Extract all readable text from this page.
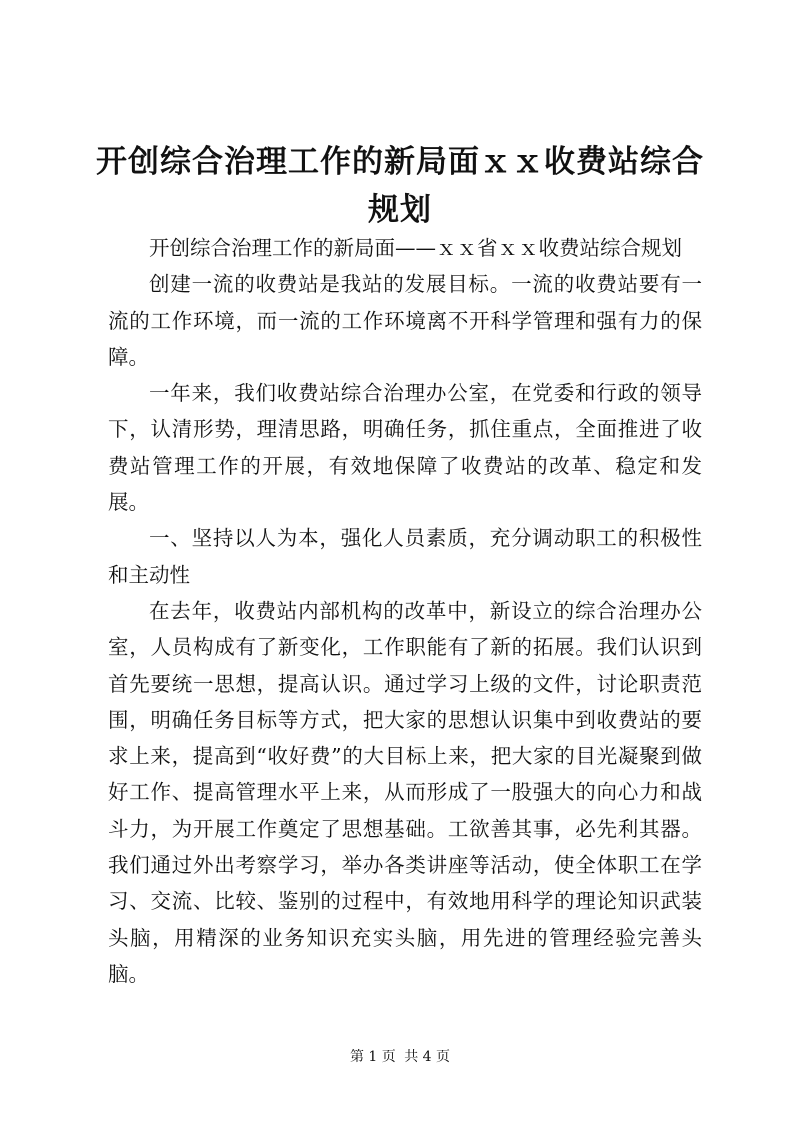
开创综合治理工作的新局面ｘｘ收费站综合规划

开创综合治理工作的新局面——ｘｘ省ｘｘ收费站综合规划

创建一流的收费站是我站的发展目标。一流的收费站要有一流的工作环境，而一流的工作环境离不开科学管理和强有力的保障。

一年来，我们收费站综合治理办公室，在党委和行政的领导下，认清形势，理清思路，明确任务，抓住重点，全面推进了收费站管理工作的开展，有效地保障了收费站的改革、稳定和发展。

一、坚持以人为本，强化人员素质，充分调动职工的积极性和主动性

在去年，收费站内部机构的改革中，新设立的综合治理办公室，人员构成有了新变化，工作职能有了新的拓展。我们认识到首先要统一思想，提高认识。通过学习上级的文件，讨论职责范围，明确任务目标等方式，把大家的思想认识集中到收费站的要求上来，提高到“收好费”的大目标上来，把大家的目光凝聚到做好工作、提高管理水平上来，从而形成了一股强大的向心力和战斗力，为开展工作奠定了思想基础。工欲善其事，必先利其器。我们通过外出考察学习，举办各类讲座等活动，使全体职工在学习、交流、比较、鉴别的过程中，有效地用科学的理论知识武装头脑，用精深的业务知识充实头脑，用先进的管理经验完善头脑。

第 1 页 共 4 页
